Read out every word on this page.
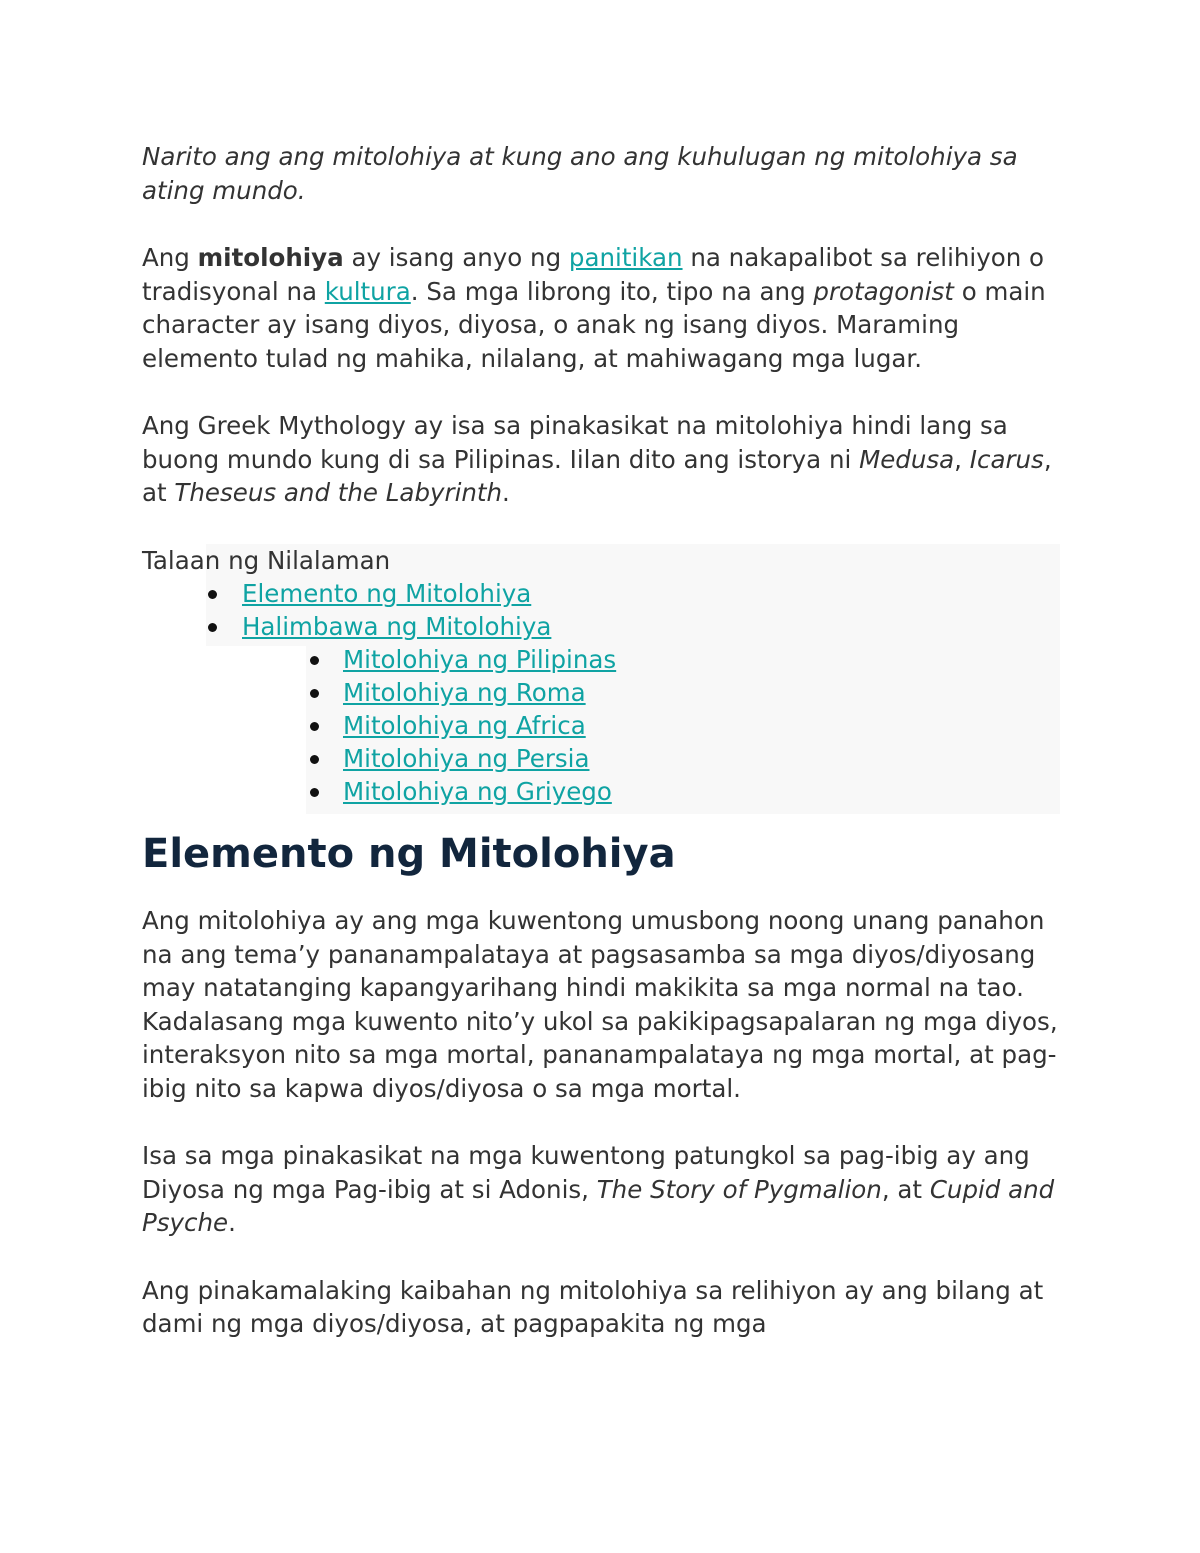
Narito ang ang mitolohiya at kung ano ang kuhulugan ng mitolohiya sa ating mundo.

Ang mitolohiya ay isang anyo ng panitikan na nakapalibot sa relihiyon o tradisyonal na kultura. Sa mga librong ito, tipo na ang protagonist o main character ay isang diyos, diyosa, o anak ng isang diyos. Maraming elemento tulad ng mahika, nilalang, at mahiwagang mga lugar.

Ang Greek Mythology ay isa sa pinakasikat na mitolohiya hindi lang sa buong mundo kung di sa Pilipinas. Iilan dito ang istorya ni Medusa, Icarus, at Theseus and the Labyrinth.

Talaan ng Nilalaman
Elemento ng Mitolohiya
Halimbawa ng Mitolohiya
Mitolohiya ng Pilipinas
Mitolohiya ng Roma
Mitolohiya ng Africa
Mitolohiya ng Persia
Mitolohiya ng Griyego
Elemento ng Mitolohiya

Ang mitolohiya ay ang mga kuwentong umusbong noong unang panahon na ang tema’y pananampalataya at pagsasamba sa mga diyos/diyosang may natatanging kapangyarihang hindi makikita sa mga normal na tao. Kadalasang mga kuwento nito’y ukol sa pakikipagsapalaran ng mga diyos, interaksyon nito sa mga mortal, pananampalataya ng mga mortal, at pag-ibig nito sa kapwa diyos/diyosa o sa mga mortal.

Isa sa mga pinakasikat na mga kuwentong patungkol sa pag-ibig ay ang Diyosa ng mga Pag-ibig at si Adonis, The Story of Pygmalion, at Cupid and Psyche.

Ang pinakamalaking kaibahan ng mitolohiya sa relihiyon ay ang bilang at dami ng mga diyos/diyosa, at pagpapakita ng mga
